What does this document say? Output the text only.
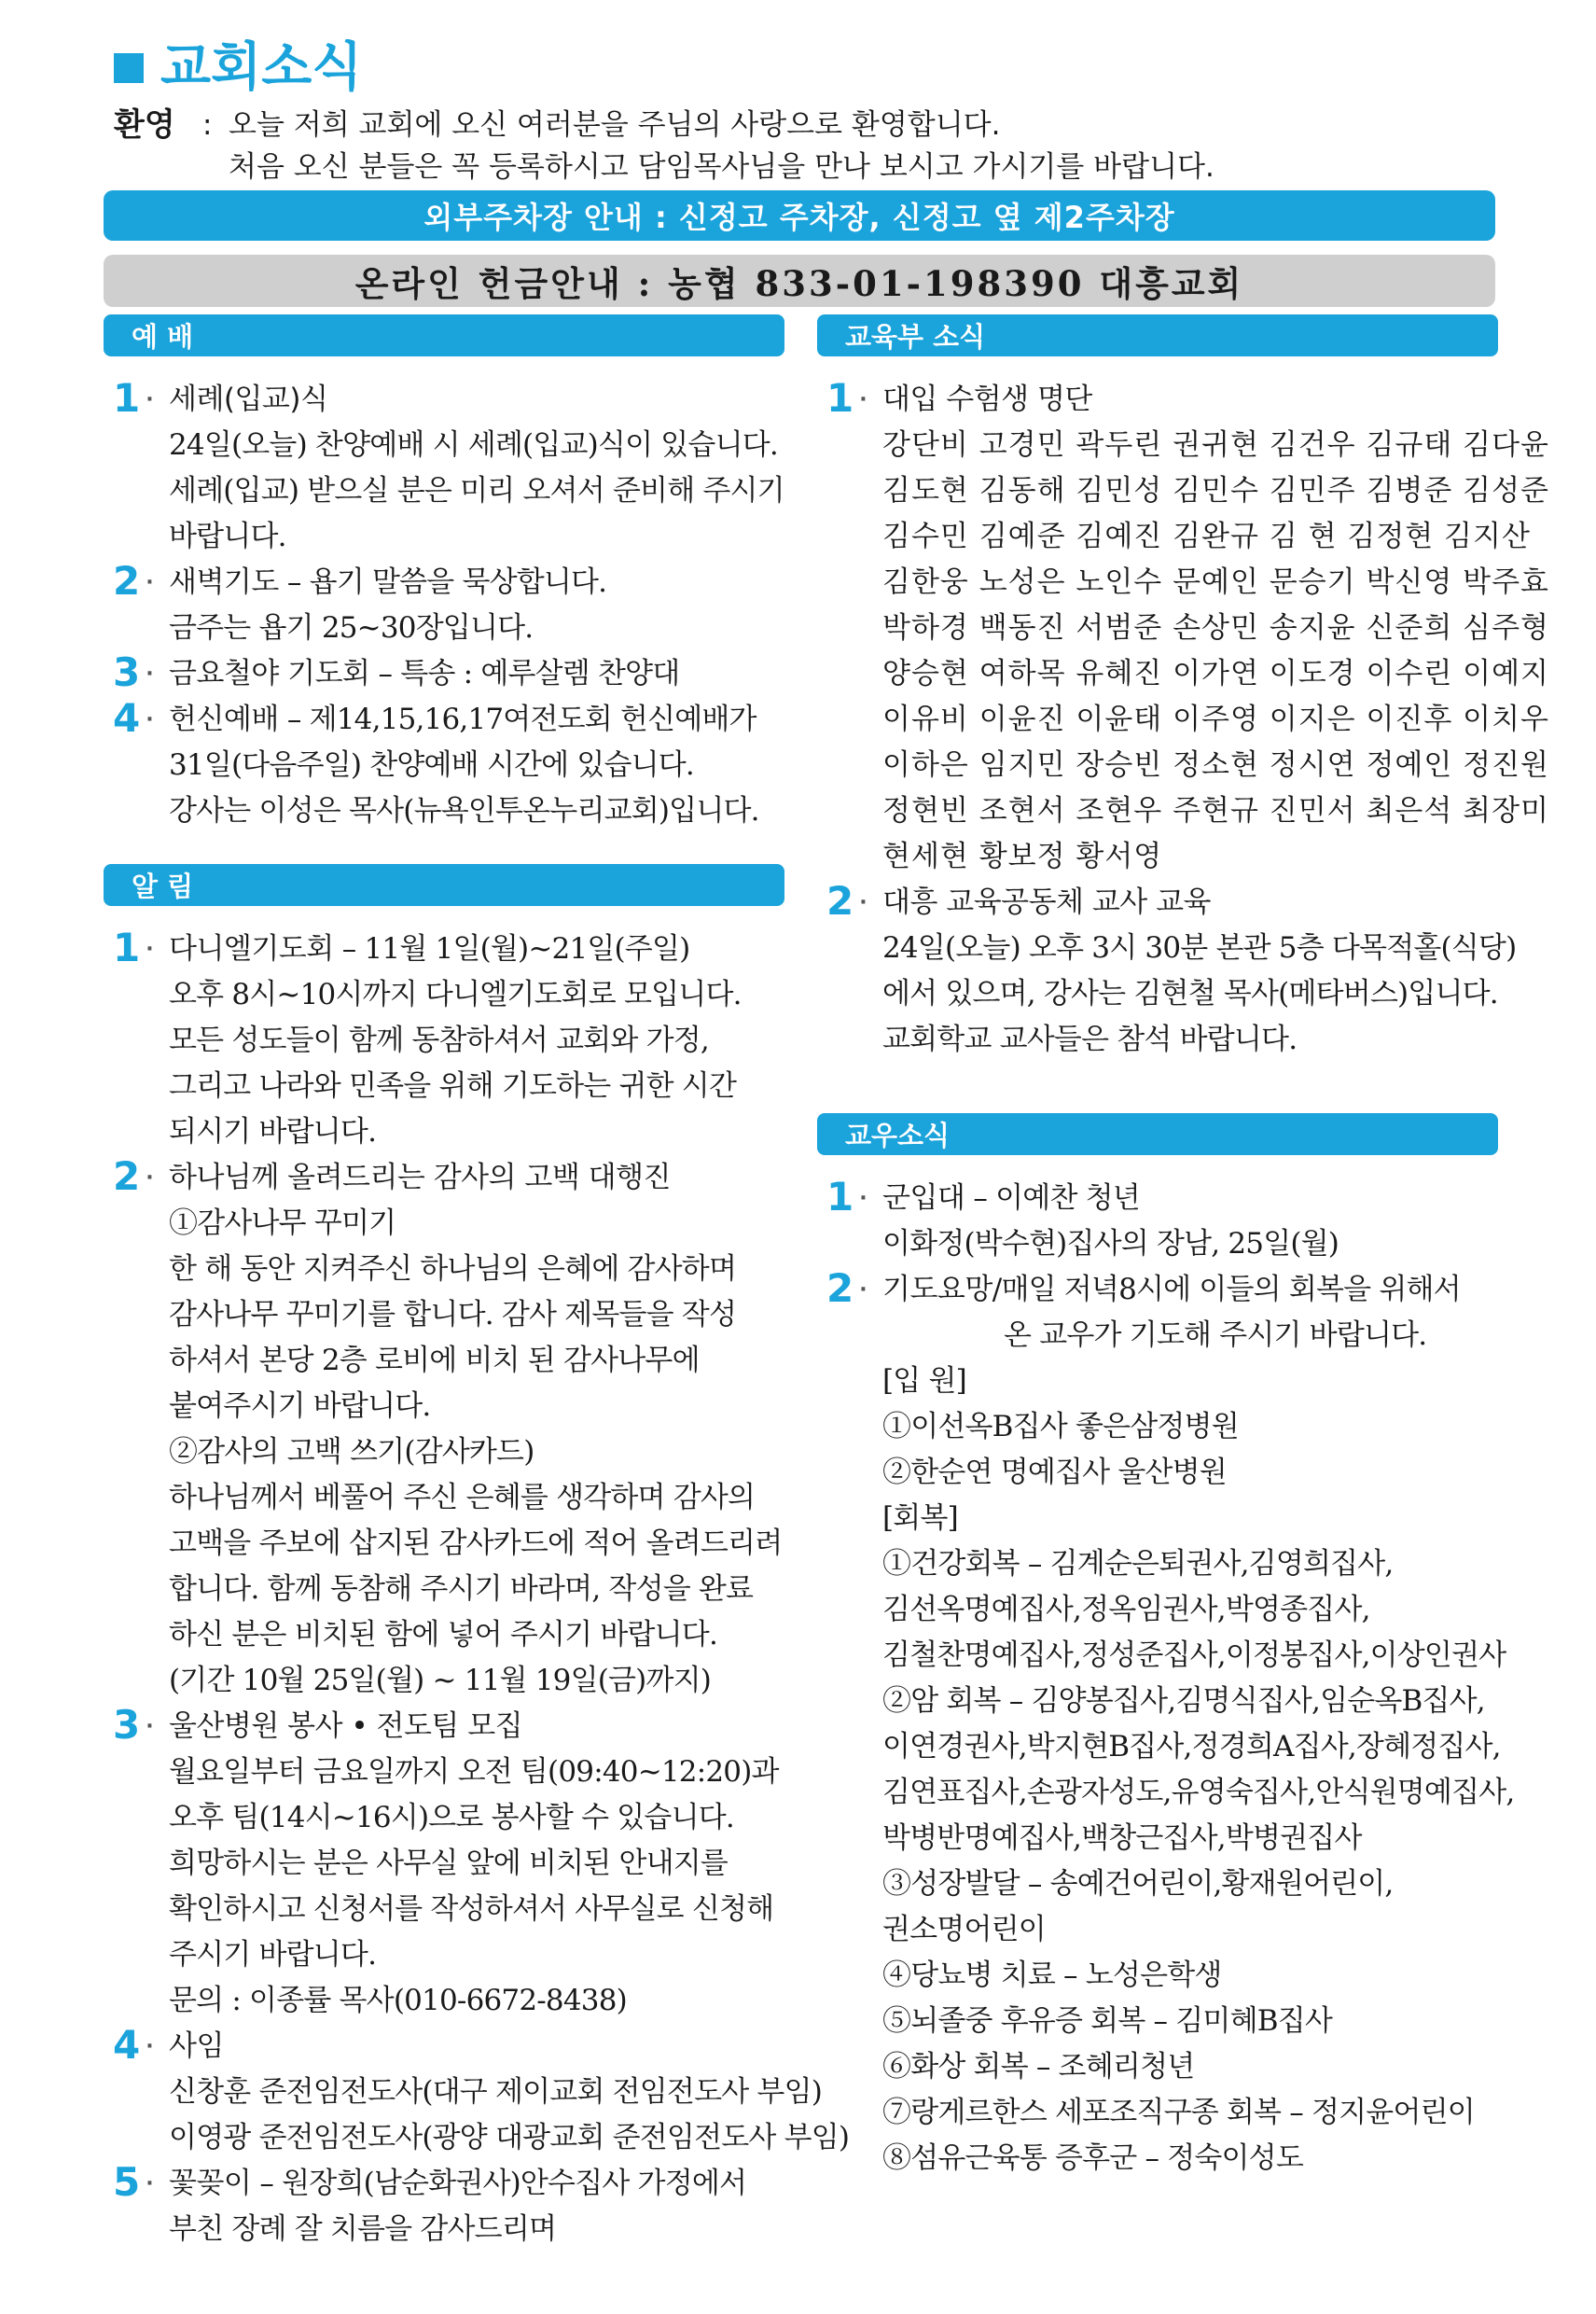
교회소식
환영 : 오늘 저희 교회에 오신 여러분을 주님의 사랑으로 환영합니다.
처음 오신 분들은 꼭 등록하시고 담임목사님을 만나 보시고 가시기를 바랍니다.
외부주차장 안내 : 신정고 주차장, 신정고 옆 제2주차장
온라인 헌금안내 : 농협 833-01-198390 대흥교회
예 배
1 · 세례(입교)식
24일(오늘) 찬양예배 시 세례(입교)식이 있습니다.
세례(입교) 받으실 분은 미리 오셔서 준비해 주시기
바랍니다.
2 · 새벽기도 – 욥기 말씀을 묵상합니다.
금주는 욥기 25~30장입니다.
3 · 금요철야 기도회 – 특송 : 예루살렘 찬양대
4 · 헌신예배 – 제14,15,16,17여전도회 헌신예배가
31일(다음주일) 찬양예배 시간에 있습니다.
강사는 이성은 목사(뉴욕인투온누리교회)입니다.
알 림
1 · 다니엘기도회 – 11월 1일(월)~21일(주일)
오후 8시~10시까지 다니엘기도회로 모입니다.
모든 성도들이 함께 동참하셔서 교회와 가정,
그리고 나라와 민족을 위해 기도하는 귀한 시간
되시기 바랍니다.
2 · 하나님께 올려드리는 감사의 고백 대행진
①감사나무 꾸미기
한 해 동안 지켜주신 하나님의 은혜에 감사하며
감사나무 꾸미기를 합니다. 감사 제목들을 작성
하셔서 본당 2층 로비에 비치 된 감사나무에
붙여주시기 바랍니다.
②감사의 고백 쓰기(감사카드)
하나님께서 베풀어 주신 은혜를 생각하며 감사의
고백을 주보에 삽지된 감사카드에 적어 올려드리려
합니다. 함께 동참해 주시기 바라며, 작성을 완료
하신 분은 비치된 함에 넣어 주시기 바랍니다.
(기간 10월 25일(월) ~ 11월 19일(금)까지)
3 · 울산병원 봉사 • 전도팀 모집
월요일부터 금요일까지 오전 팀(09:40~12:20)과
오후 팀(14시~16시)으로 봉사할 수 있습니다.
희망하시는 분은 사무실 앞에 비치된 안내지를
확인하시고 신청서를 작성하셔서 사무실로 신청해
주시기 바랍니다.
문의 : 이종률 목사(010-6672-8438)
4 · 사임
신창훈 준전임전도사(대구 제이교회 전임전도사 부임)
이영광 준전임전도사(광양 대광교회 준전임전도사 부임)
5 · 꽃꽂이 – 원장희(남순화권사)안수집사 가정에서
부친 장례 잘 치름을 감사드리며
교육부 소식
1 · 대입 수험생 명단
강단비 고경민 곽두린 권귀현 김건우 김규태 김다윤
김도현 김동해 김민성 김민수 김민주 김병준 김성준
김수민 김예준 김예진 김완규 김 현 김정현 김지산
김한웅 노성은 노인수 문예인 문승기 박신영 박주효
박하경 백동진 서범준 손상민 송지윤 신준희 심주형
양승현 여하목 유혜진 이가연 이도경 이수린 이예지
이유비 이윤진 이윤태 이주영 이지은 이진후 이치우
이하은 임지민 장승빈 정소현 정시연 정예인 정진원
정현빈 조현서 조현우 주현규 진민서 최은석 최장미
현세현 황보정 황서영
2 · 대흥 교육공동체 교사 교육
24일(오늘) 오후 3시 30분 본관 5층 다목적홀(식당)
에서 있으며, 강사는 김현철 목사(메타버스)입니다.
교회학교 교사들은 참석 바랍니다.
교우소식
1 · 군입대 – 이예찬 청년
이화정(박수현)집사의 장남, 25일(월)
2 · 기도요망/매일 저녁8시에 이들의 회복을 위해서
온 교우가 기도해 주시기 바랍니다.
[입 원]
①이선옥B집사 좋은삼정병원
②한순연 명예집사 울산병원
[회복]
①건강회복 – 김계순은퇴권사,김영희집사,
김선옥명예집사,정옥임권사,박영종집사,
김철찬명예집사,정성준집사,이정봉집사,이상인권사
②암 회복 – 김양봉집사,김명식집사,임순옥B집사,
이연경권사,박지현B집사,정경희A집사,장혜정집사,
김연표집사,손광자성도,유영숙집사,안식원명예집사,
박병반명예집사,백창근집사,박병권집사
③성장발달 – 송예건어린이,황재원어린이,
권소명어린이
④당뇨병 치료 – 노성은학생
⑤뇌졸중 후유증 회복 – 김미혜B집사
⑥화상 회복 – 조혜리청년
⑦랑게르한스 세포조직구종 회복 – 정지윤어린이
⑧섬유근육통 증후군 – 정숙이성도
